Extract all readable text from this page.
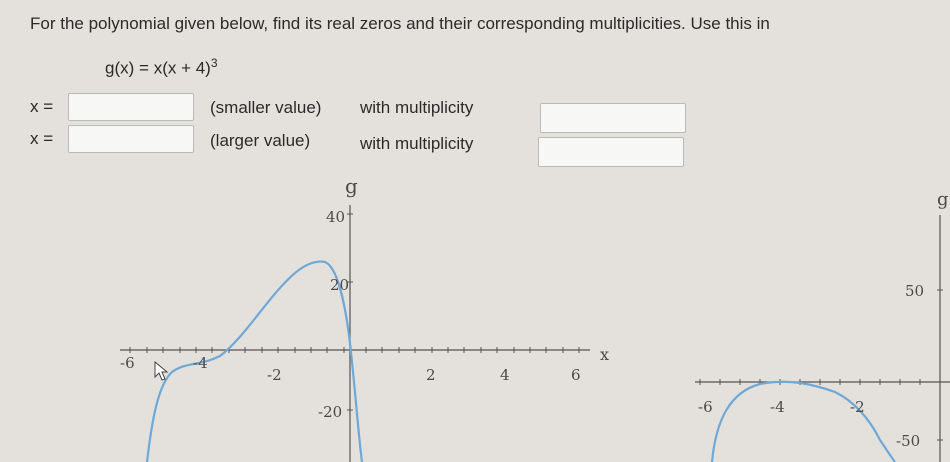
For the polynomial given below, find its real zeros and their corresponding multiplicities. Use this in
$g(x) = x(x + 4)^3$
x =	(smaller value) with multiplicity
x =	(larger value)	with multiplicity
g
x
-6	-4
-2	2	4	6
40
20
-20
g
-6	-4	-2
50
-50
